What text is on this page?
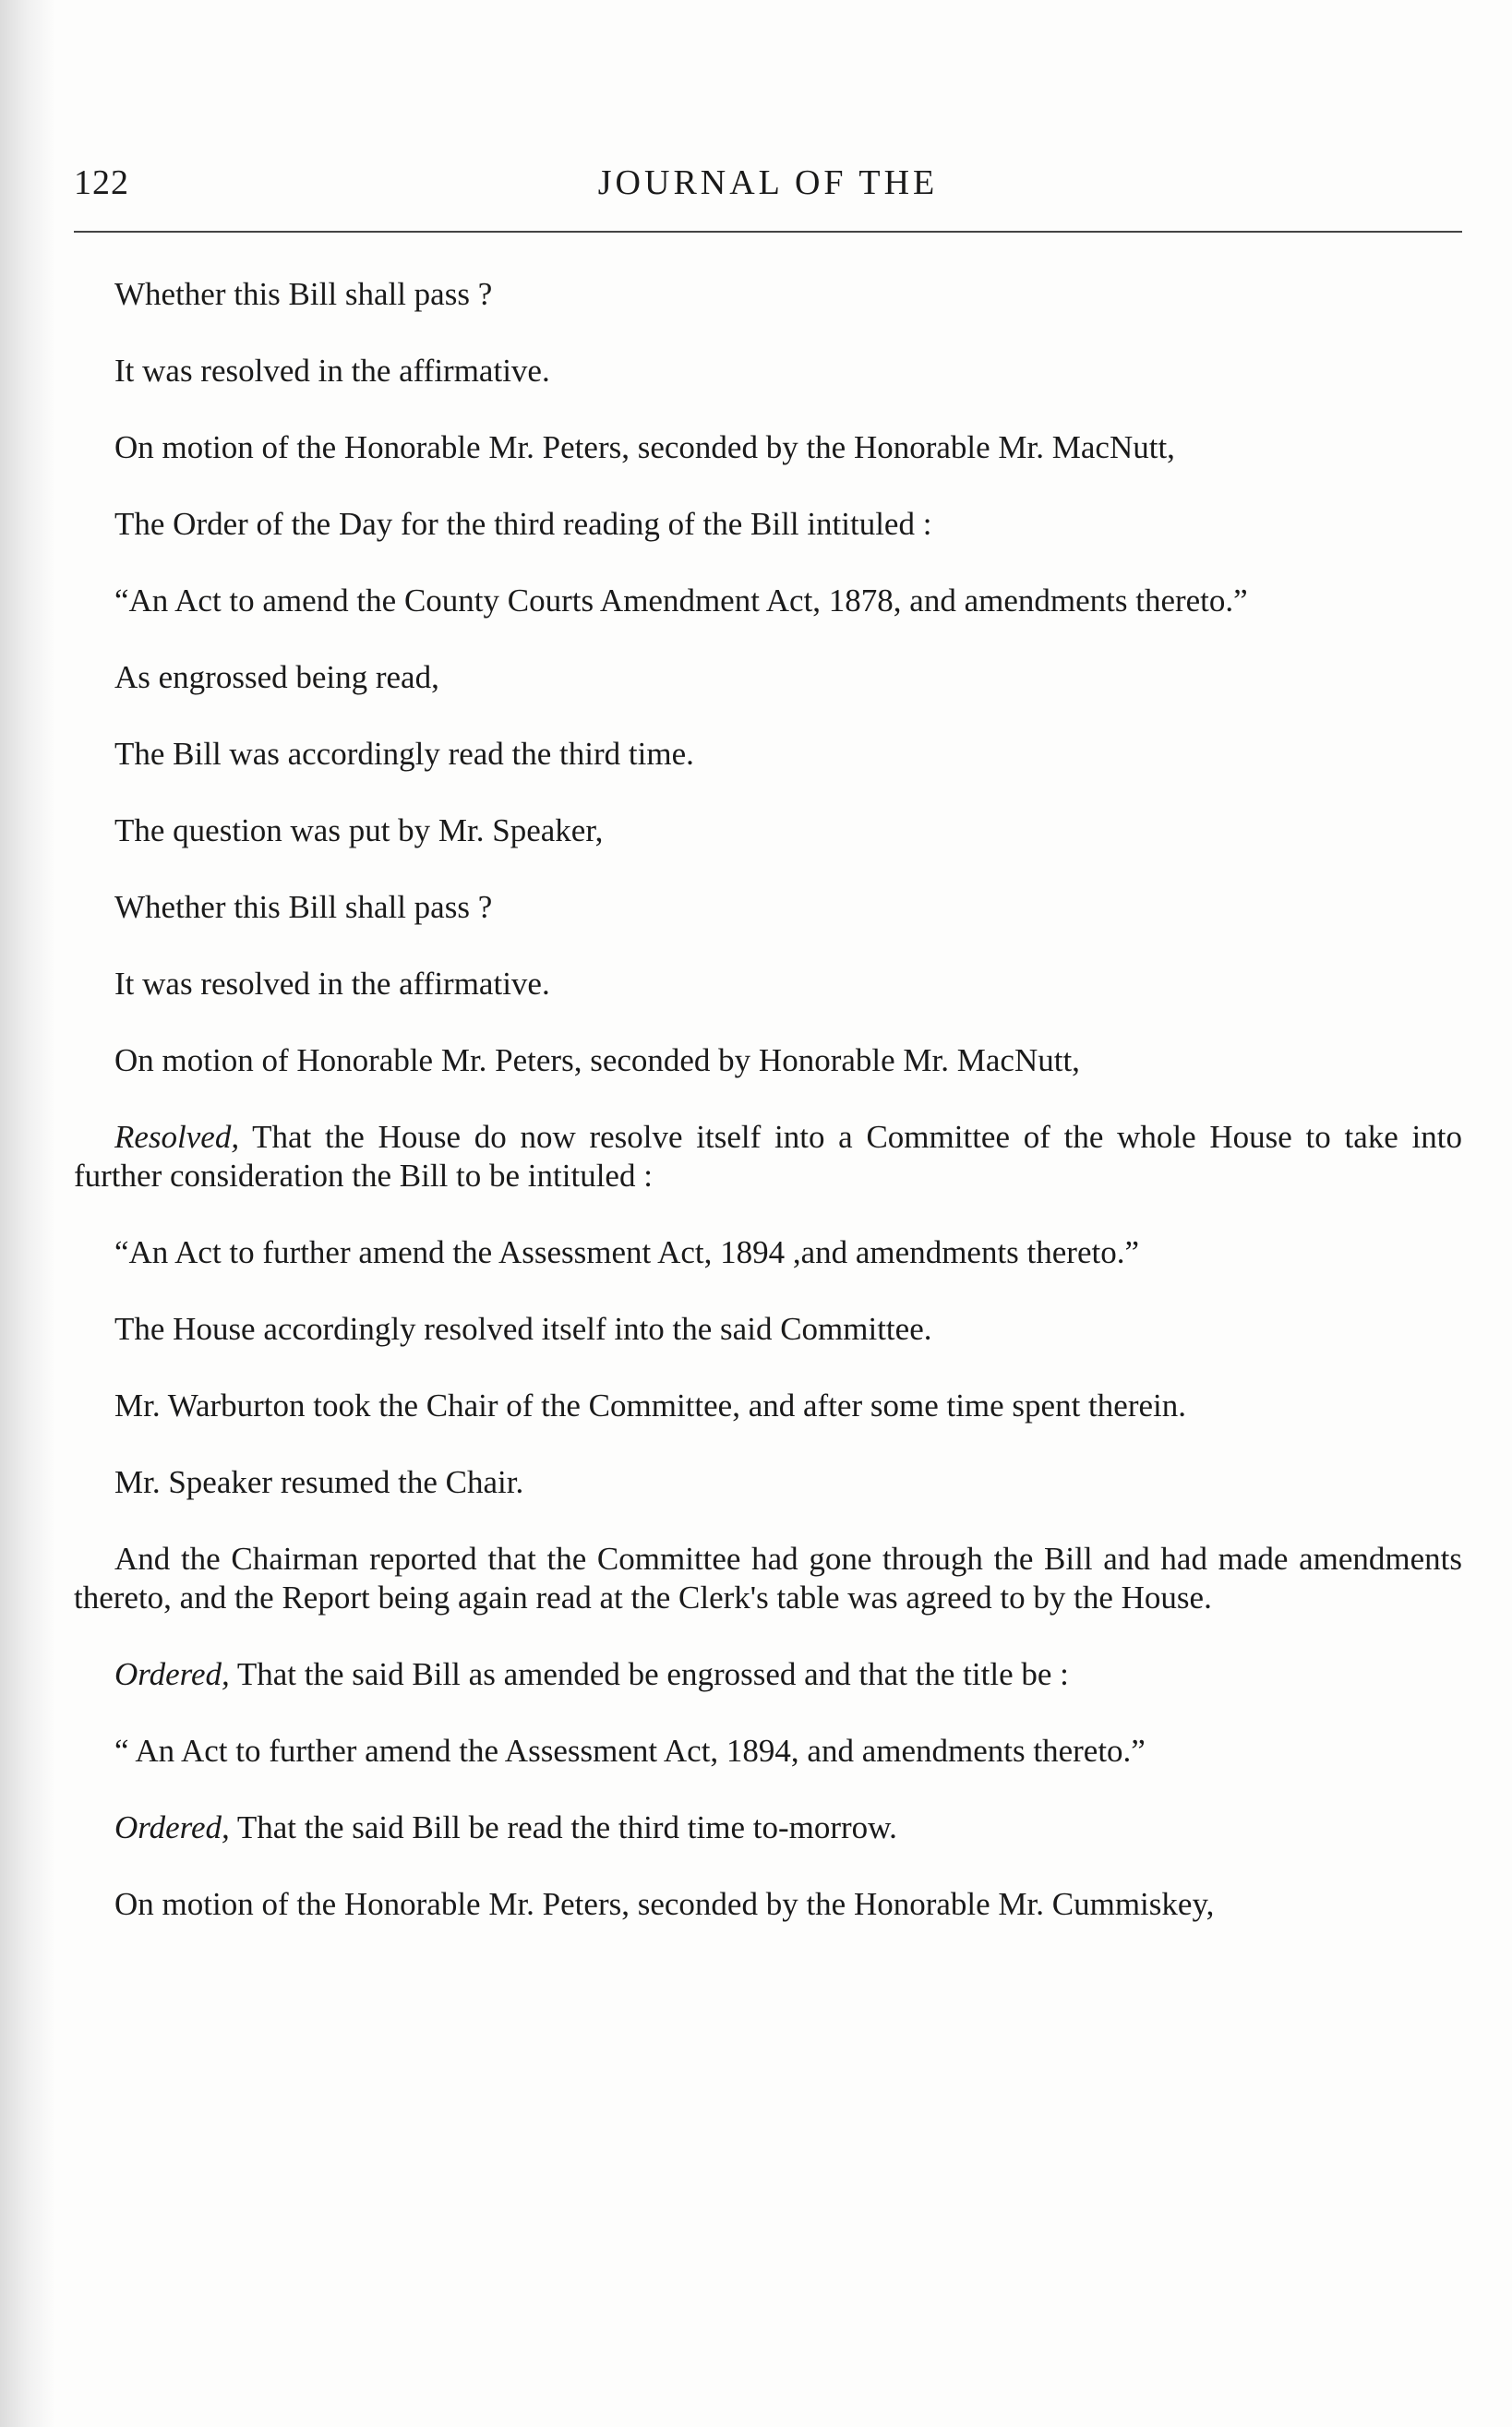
122	JOURNAL OF THE

Whether this Bill shall pass ?

It was resolved in the affirmative.

On motion of the Honorable Mr. Peters, seconded by the Honorable Mr. MacNutt,

The Order of the Day for the third reading of the Bill intituled :

“An Act to amend the County Courts Amendment Act, 1878, and amendments thereto.”

As engrossed being read,

The Bill was accordingly read the third time.

The question was put by Mr. Speaker,

Whether this Bill shall pass ?

It was resolved in the affirmative.

On motion of Honorable Mr. Peters, seconded by Honorable Mr. MacNutt,

Resolved, That the House do now resolve itself into a Committee of the whole House to take into further consideration the Bill to be intituled :

“An Act to further amend the Assessment Act, 1894 ,and amendments thereto.”

The House accordingly resolved itself into the said Committee.

Mr. Warburton took the Chair of the Committee, and after some time spent therein.

Mr. Speaker resumed the Chair.

And the Chairman reported that the Committee had gone through the Bill and had made amendments thereto, and the Report being again read at the Clerk's table was agreed to by the House.

Ordered, That the said Bill as amended be engrossed and that the title be :

“ An Act to further amend the Assessment Act, 1894, and amendments thereto.”

Ordered, That the said Bill be read the third time to-morrow.

On motion of the Honorable Mr. Peters, seconded by the Honorable Mr. Cummiskey,
